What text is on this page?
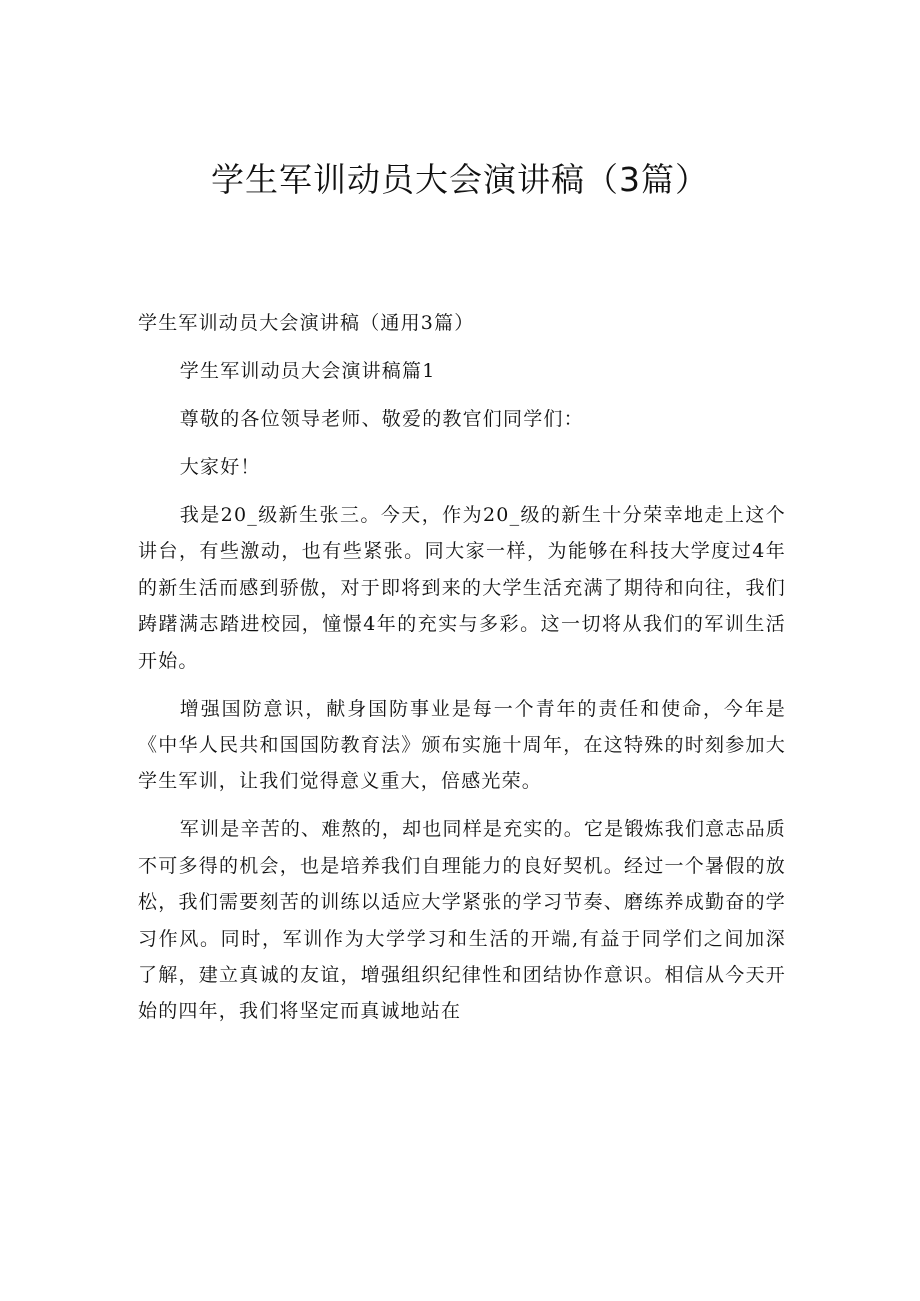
学生军训动员大会演讲稿（3篇）

学生军训动员大会演讲稿（通用3篇）

学生军训动员大会演讲稿篇1

尊敬的各位领导老师、敬爱的教官们同学们：

大家好！

我是20_级新生张三。今天，作为20_级的新生十分荣幸地走上这个讲台，有些激动，也有些紧张。同大家一样，为能够在科技大学度过4年的新生活而感到骄傲，对于即将到来的大学生活充满了期待和向往，我们踌躇满志踏进校园，憧憬4年的充实与多彩。这一切将从我们的军训生活开始。

增强国防意识，献身国防事业是每一个青年的责任和使命，今年是《中华人民共和国国防教育法》颁布实施十周年，在这特殊的时刻参加大学生军训，让我们觉得意义重大，倍感光荣。

军训是辛苦的、难熬的，却也同样是充实的。它是锻炼我们意志品质不可多得的机会，也是培养我们自理能力的良好契机。经过一个暑假的放松，我们需要刻苦的训练以适应大学紧张的学习节奏、磨练养成勤奋的学习作风。同时，军训作为大学学习和生活的开端,有益于同学们之间加深了解，建立真诚的友谊，增强组织纪律性和团结协作意识。相信从今天开始的四年，我们将坚定而真诚地站在
